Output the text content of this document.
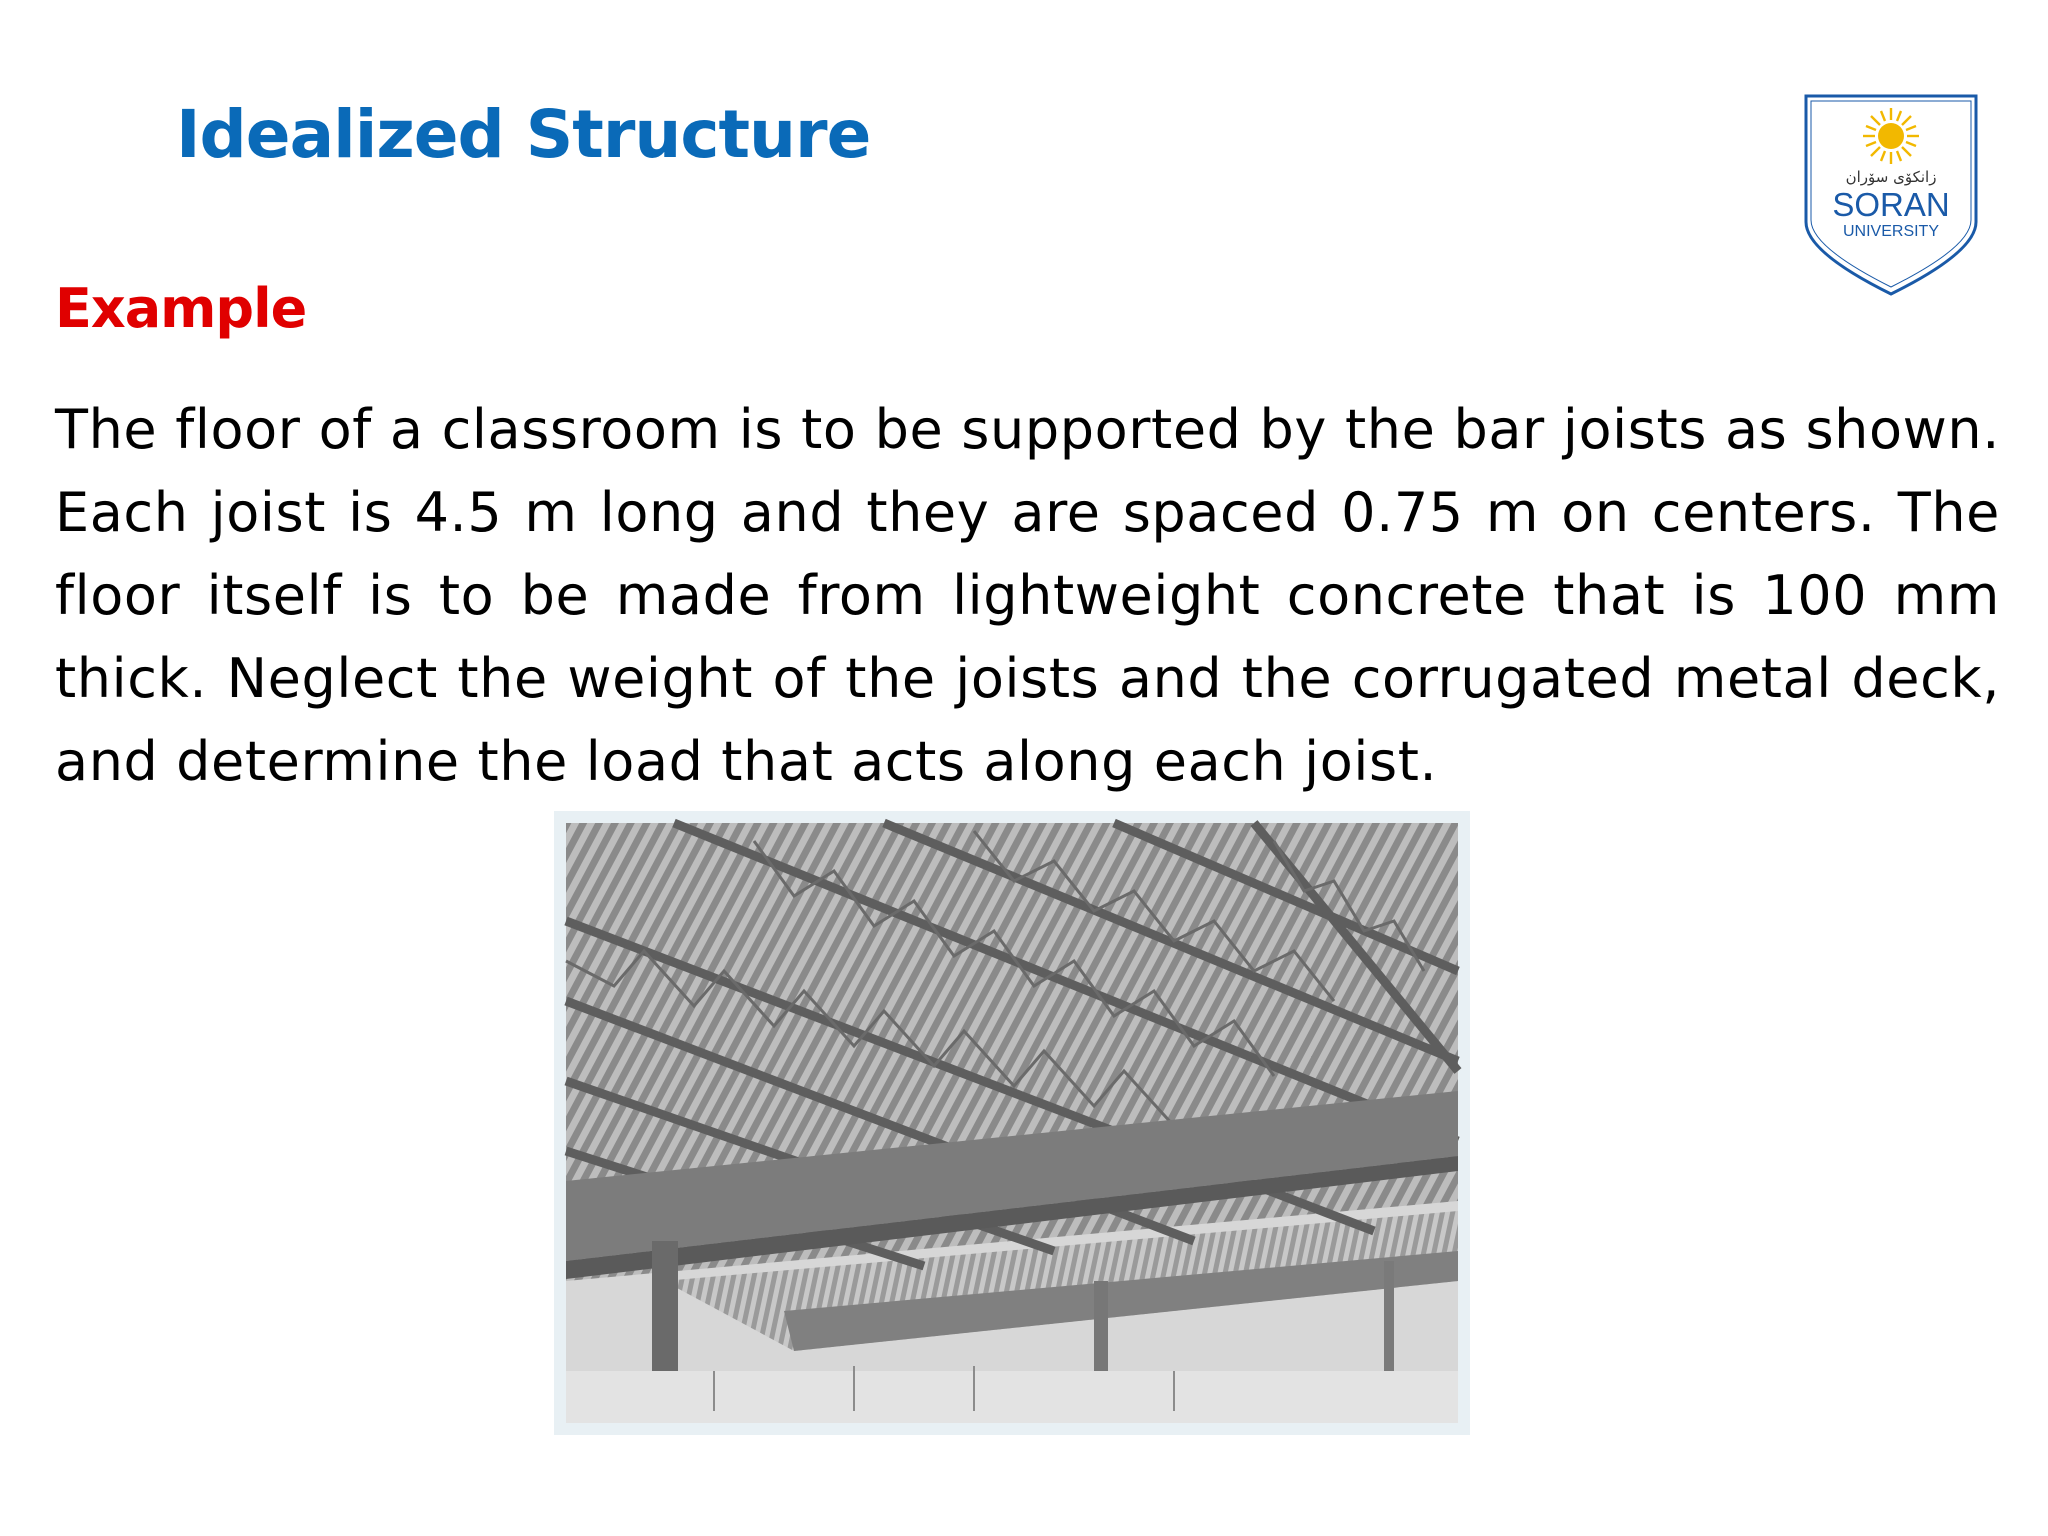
Idealized Structure
زانكۆی سۆران
SORAN
UNIVERSITY
Example

The floor of a classroom is to be supported by the bar joists as shown. Each joist is 4.5 m long and they are spaced 0.75 m on centers. The floor itself is to be made from lightweight concrete that is 100 mm thick. Neglect the weight of the joists and the corrugated metal deck, and determine the load that acts along each joist.
